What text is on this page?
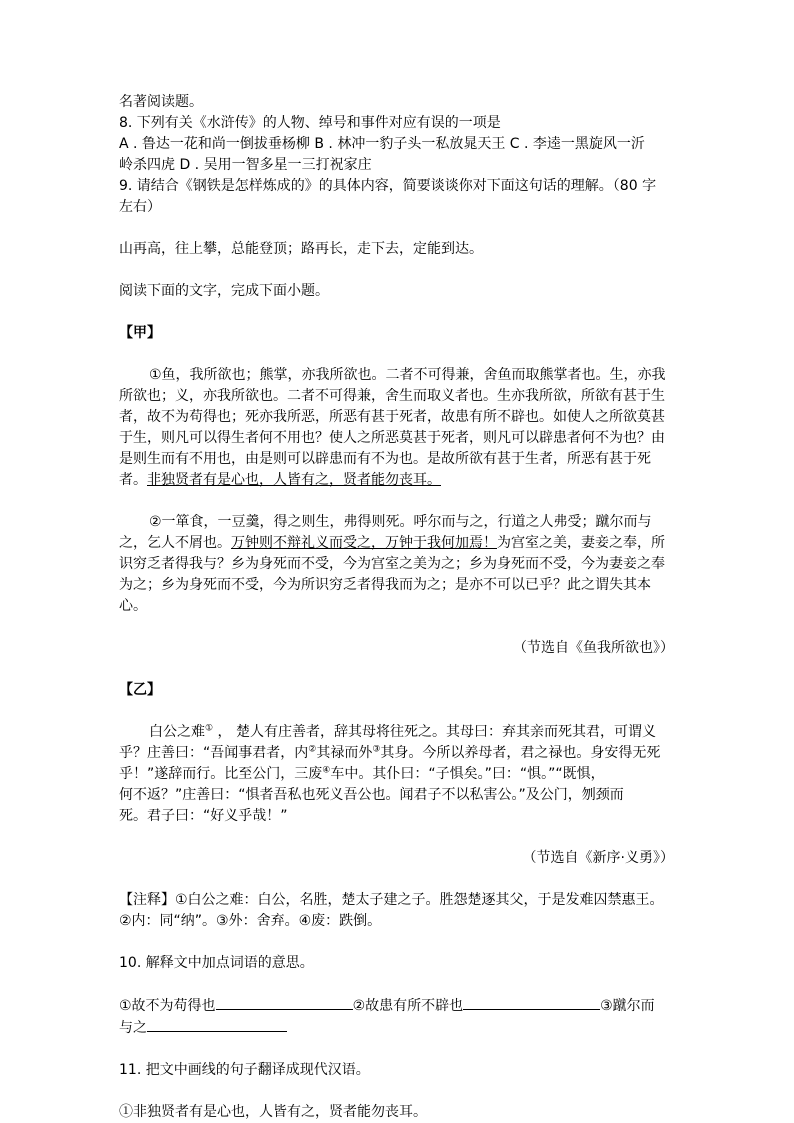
名著阅读题。
8. 下列有关《水浒传》的人物、绰号和事件对应有误的一项是
A . 鲁达一花和尚一倒拔垂杨柳 B . 林冲一豹子头一私放晁天王 C . 李逵一黑旋风一沂
岭杀四虎 D . 吴用一智多星一三打祝家庄
9. 请结合《钢铁是怎样炼成的》的具体内容，简要谈谈你对下面这句话的理解。（80 字
左右）
山再高，往上攀，总能登顶；路再长，走下去，定能到达。
阅读下面的文字，完成下面小题。
【甲】
①鱼，我所欲也；熊掌，亦我所欲也。二者不可得兼，舍鱼而取熊掌者也。生，亦我
所欲也；义，亦我所欲也。二者不可得兼，舍生而取义者也。生亦我所欲，所欲有甚于生
者，故不为苟得也；死亦我所恶，所恶有甚于死者，故患有所不辟也。如使人之所欲莫甚
于生，则凡可以得生者何不用也？使人之所恶莫甚于死者，则凡可以辟患者何不为也？由
是则生而有不用也，由是则可以辟患而有不为也。是故所欲有甚于生者，所恶有甚于死
者。非独贤者有是心也，人皆有之，贤者能勿丧耳。
②一箪食，一豆羹，得之则生，弗得则死。呼尔而与之，行道之人弗受；蹴尔而与
之，乞人不屑也。万钟则不辩礼义而受之，万钟于我何加焉！为宫室之美，妻妾之奉，所
识穷乏者得我与？乡为身死而不受，今为宫室之美为之；乡为身死而不受，今为妻妾之奉
为之；乡为身死而不受，今为所识穷乏者得我而为之；是亦不可以已乎？此之谓失其本
心。
（节选自《鱼我所欲也》）
【乙】
白公之难① ， 楚人有庄善者，辞其母将往死之。其母曰：弃其亲而死其君，可谓义
乎？庄善曰：“吾闻事君者，内②其禄而外③其身。今所以养母者，君之禄也。身安得无死
乎！”遂辞而行。比至公门，三废④车中。其仆曰：“子惧矣。”曰：“惧。”“既惧，
何不返？”庄善曰：“惧者吾私也死义吾公也。闻君子不以私害公。”及公门，刎颈而
死。君子曰：“好义乎哉！”
（节选自《新序·义勇》）
【注释】①白公之难：白公，名胜，楚太子建之子。胜怨楚逐其父，于是发难囚禁惠王。
②内：同“纳”。③外：舍弃。④废：跌倒。
10. 解释文中加点词语的意思。
①故不为苟得也	②故患有所不辟也	③蹴尔而
与之
11. 把文中画线的句子翻译成现代汉语。
①非独贤者有是心也，人皆有之，贤者能勿丧耳。
